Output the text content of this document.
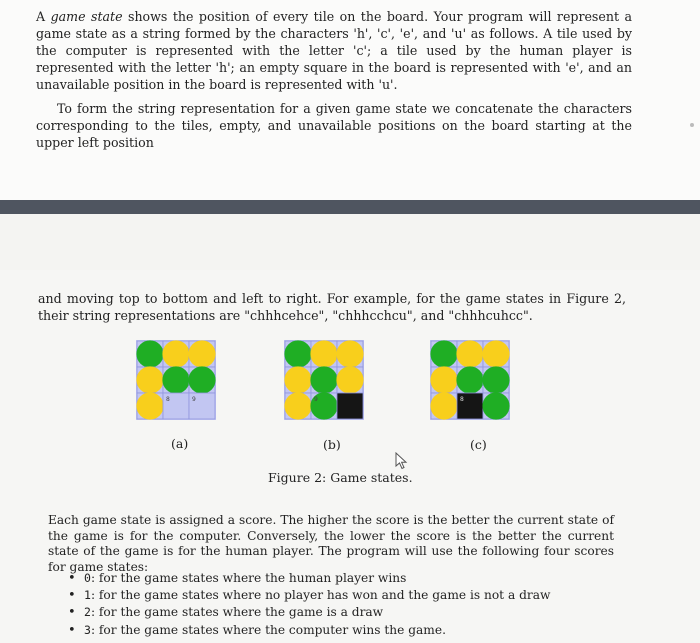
A game state shows the position of every tile on the board. Your program will represent a game state as a string formed by the characters 'h', 'c', 'e', and 'u' as follows. A tile used by the computer is represented with the letter 'c'; a tile used by the human player is represented with the letter 'h'; an empty square in the board is represented with 'e', and an unavailable position in the board is represented with 'u'.

To form the string representation for a given game state we concatenate the characters corresponding to the tiles, empty, and unavailable positions on the board starting at the upper left position

and moving top to bottom and left to right. For example, for the game states in Figure 2, their string representations are "chhhcehce", "chhhcchcu", and "chhhcuhcc".

8	9	9	8
(a)	(b)	(c)
Figure 2: Game states.

Each game state is assigned a score. The higher the score is the better the current state of the game is for the computer. Conversely, the lower the score is the better the current state of the game is for the human player. The program will use the following four scores for game states:

• 0: for the game states where the human player wins
• 1: for the game states where no player has won and the game is not a draw
• 2: for the game states where the game is a draw
• 3: for the game states where the computer wins the game.
